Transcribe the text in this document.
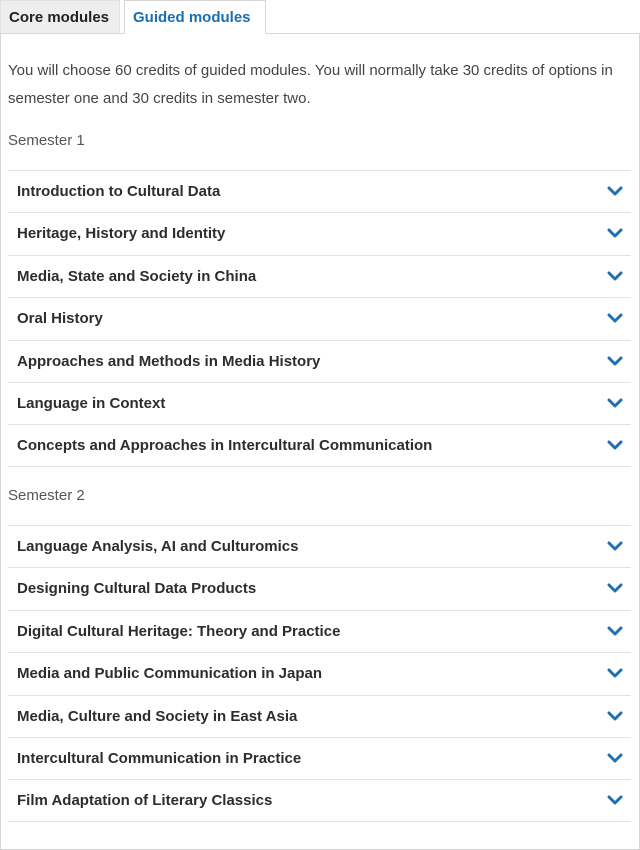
Core modules	Guided modules
You will choose 60 credits of guided modules. You will normally take 30 credits of options in semester one and 30 credits in semester two.
Semester 1
Introduction to Cultural Data
Heritage, History and Identity
Media, State and Society in China
Oral History
Approaches and Methods in Media History
Language in Context
Concepts and Approaches in Intercultural Communication
Semester 2
Language Analysis, AI and Culturomics
Designing Cultural Data Products
Digital Cultural Heritage: Theory and Practice
Media and Public Communication in Japan
Media, Culture and Society in East Asia
Intercultural Communication in Practice
Film Adaptation of Literary Classics
